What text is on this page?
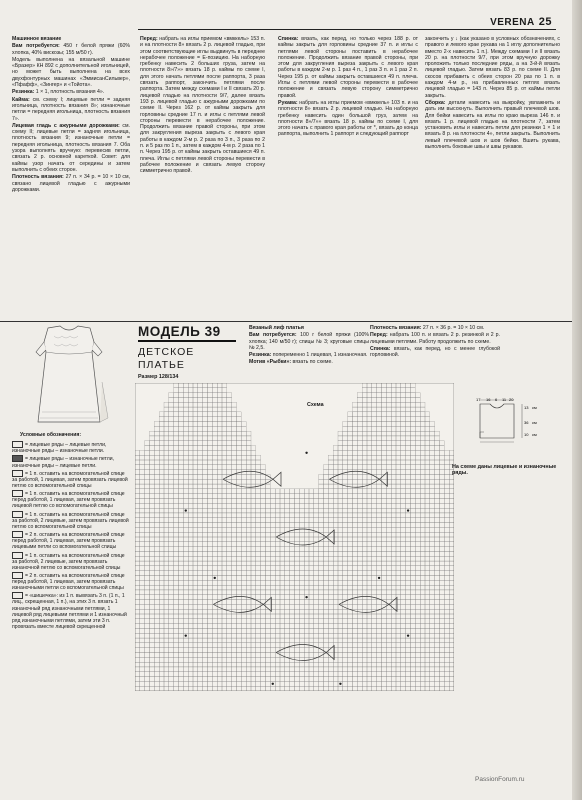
VERENA 25

Машинное вязание

Вам потребуется: 450 г белой пряжи (60% хлопка, 40% вискозы; 155 м/50 г).

Модель выполнена на вязальной машине «Бразер» КН 892 с дополнительной игольницей, но может быть выполнена на всех двухфонтурных машинах «ЭммисанСильвер», «Пфафф», «Зингер» и «Тойота».

Резинка: 1 × 1, плотность вязания 4».

Кайма: см. схему I; лицевые петли = задняя игольница, плотность вязания 8»; изнаночные петли = передняя игольница, плотность вязания 7».

Лицевая гладь с ажурными дорожками: см. схему II; лицевые петли = задняя игольница, плотность вязания 9; изнаночные петли = передняя игольница, плотность вязания 7. Оба узора выполнять вручную: перевесив петли, связать 2 р. основной кареткой. Совет: для каймы узор начать от середины и затем выполнить с обеих сторон.

Плотность вязания: 27 п. × 34 р. = 10 × 10 см, связано лицевой гладью с ажурными дорожками.

Перед: набрать на иглы приемом «вмккель» 153 п. и на плотности 8» вязать 2 р. лицевой гладью, при этом соответствующие иглы выдвинуть в переднее нерабочее положение = Е-позицию. На наборную гребенку навесить 2 больших груза, затем на плотности 8»/7»» вязать 18 р. каймы по схеме I, для этого начать петлями после раппорта, 3 раза связать раппорт, закончить петлями после раппорта. Затем между схемами I и II связать 20 р. лицевой гладью на плотности 9/7, далее вязать 193 р. лицевой гладью с ажурными дорожками по схеме II. Через 162 р. от каймы закрыть для горловины средние 17 п. и иглы с петлями левой стороны перевести в нерабочее положение. Продолжить вязание правой стороны, при этом для закругления выреза закрыть с левого края работы в каждом 2-м р. 2 раза по 3 п., 3 раза по 2 п. и 5 раз по 1 п., затем в каждом 4-м р. 2 раза по 1 п. Через 195 р. от каймы закрыть оставшиеся 49 п. плеча. Иглы с петлями левой стороны перевести в рабочее положение и связать левую сторону симметрично правой.

Спинка: вязать, как перед, но только через 188 р. от каймы закрыть для горловины средние 37 п. и иглы с петлями левой стороны поставить в нерабочее положение. Продолжить вязание правой стороны, при этом для закругления выреза закрыть с левого края работы в каждом 2-м р. 1 раз 4 п., 1 раз 3 п. и 1 раз 2 п. Через 195 р. от каймы закрыть оставшиеся 49 п. плеча. Иглы с петлями левой стороны перевести в рабочее положение и связать левую сторону симметрично правой.

Рукава: набрать на иглы приемом «вмккель» 103 п. и на плотности 8» вязать 2 р. лицевой гладью. На наборную гребенку навесить один большой груз, затем на плотности 8»/7»» вязать 18 р. каймы по схеме I, для этого начать с правого края работы от *, вязать до конца раппорта, выполнить 1 раппорт и следующий раппорт

закончить у ↓ (как указано в условных обозначениях, с правого и левого крае рукава на 1 иглу дополнительно вместо 2-х навесить 1 п.). Между схемами I и II вязать 20 р. на плотности 9/7, при этом вручную дорожку проложить только последние ряды, а на 3-й-й вязать лицевой гладью. Затем вязать 83 р. по схеме II. Для скосов прибавить с обеих сторон 20 раз по 1 п. в каждом 4-м р., на прибавленных петлях вязать лицевой гладью = 143 п. Через 85 р. от каймы петли закрыть.

Сборка: детали навесить на выкройку, увлажнить и дать им высохнуть. Выполнить правый плечевой шов. Для бейки навесить на иглы по краю выреза 146 п. и вязать 1 р. лицевой гладью на плотности 7, затем установить иглы и навесить петли для резинки 1 × 1 и вязать 8 р. на плотности 4», петли закрыть. Выполнить левый плечевой шов и шов бейки. Вшить рукава, выполнить боковые швы и швы рукавов.

МОДЕЛЬ 39
ДЕТСКОЕ
ПЛАТЬЕ
Размер 128/134

Вязаный лиф платья

Вам потребуется: 100 г белой пряжи (100% хлопка; 140 м/50 г); спицы № 3; круговые спицы № 2,5.

Резинка: попеременно 1 лицевая, 1 изнаночная.

Мотив «Рыбки»: вязать по схеме.

Плотность вязания: 27 п. × 36 р. = 10 × 10 см.

Перед: набрать 100 п. и вязать 2 р. резинкой и 2 р. лицевыми петлями. Работу продолжить по схеме.

Спинка: вязать, как перед, но с менее глубокой горловиной.

Условные обозначения:
= лицевые ряды – лицевые петли, изнаночные ряды – изнаночные петли.
= лицевые ряды – изнаночные петли, изнаночные ряды – лицевые петли.
= 1 п. оставить на вспомогательной спице за работой, 1 лицевая, затем провязать лицевой петлю со вспомогательной спицы
= 1 п. оставить на вспомогательной спице перед работой, 1 лицевая, затем провязать лицевой петлю со вспомогательной спицы
= 1 п. оставить на вспомогательной спице за работой, 2 лицевые, затем провязать лицевой петлю со вспомогательной спицы
= 2 п. оставить на вспомогательной спице перед работой, 1 лицевая, затем провязать лицевыми петли со вспомогательной спицы
= 1 п. оставить на вспомогательной спице за работой, 2 лицевые, затем провязать изнаночной петлю со вспомогательной спицы
= 2 п. оставить на вспомогательной спице перед работой, 1 лицевая, затем провязать изнаночными петли со вспомогательной спицы
= «шишечка»: из 1 п. вывязать 3 п. (1 п., 1 лиц., скрещенная, 1 п.), на этих 3 п. вязать 1 изнаночный ряд изнаночными петлями, 1 лицевой ряд лицевыми петлями и 1 изнаночный ряд изнаночными петлями, затем эти 3 п. провязать вместе лицевой скрещенной
Схема
17 16 6 11 20
13
36
10
см
см
см
На схеме даны лицевые и изнаночные ряды.
PassionForum.ru
